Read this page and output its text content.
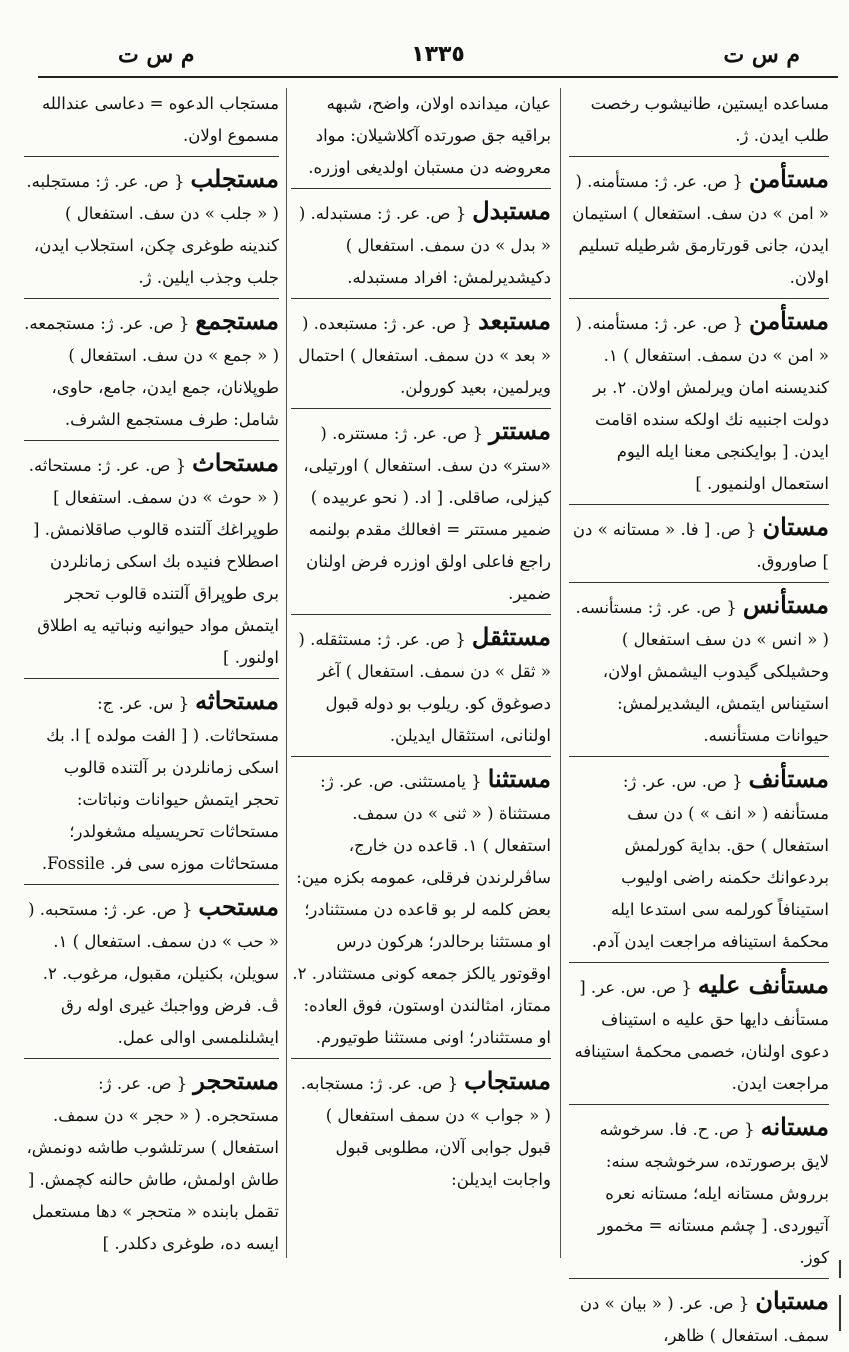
م س ت
١٣٣٥
م س ت

مساعده ایستین، طانیشوب رخصت طلب ایدن. ژ.

مستأمن{ ص. عر. ژ: مستأمنه. ( « امن » دن سف. استفعال ) استیمان ایدن، جانی قورتارمق شرطیله تسلیم اولان.

مستأمن{ ص. عر. ژ: مستأمنه. ( « امن » دن سمف. استفعال ) ١. کندیسنه امان ویرلمش اولان. ٢. بر دولت اجنبیه نك اولکه سنده اقامت ایدن. [ بوایکنجی معنا ایله الیوم استعمال اولنمیور. ]

مستان{ ص. [ فا. « مستانه » دن ] صاوروق.

مستأنس{ ص. عر. ژ: مستأنسه. ( « انس » دن سف استفعال ) وحشیلکی گیدوب الیشمش اولان، استیناس ایتمش، الیشدیرلمش: حیوانات مستأنسه.

مستأنف{ ص. س. عر. ژ: مستأنفه ( « انف » ) دن سف استفعال ) حق. بدایة کورلمش بردعوانك حکمنه راضی اولیوب استینافاً کورلمه سی استدعا ایله محکمهٔ استینافه مراجعت ایدن آدم.

مستأنف علیه{ ص. س. عر. [ مستأنف دایها حق علیه ه استیناف دعوی اولنان، خصمی محکمهٔ استینافه مراجعت ایدن.

مستانه{ ص. ح. فا. سرخوشه لایق برصورتده، سرخوشجه سنه: برروش مستانه ایله؛ مستانه نعره آتیوردی. [ چشم مستانه = مخمور کوز.

مستبان{ ص. عر. ( « بیان » دن سمف. استفعال ) ظاهر،

عیان، میدانده اولان، واضح، شبهه براقیه جق صورتده آکلاشیلان: مواد معروضه دن مستبان اولدیغی اوزره.

مستبدل{ ص. عر. ژ: مستبدله. ( « بدل » دن سمف. استفعال ) دکیشدیرلمش: افراد مستبدله.

مستبعد{ ص. عر. ژ: مستبعده. ( « بعد » دن سمف. استفعال ) احتمال ویرلمین، بعید کورولن.

مستتر{ ص. عر. ژ: مستتره. ( «ستر» دن سف. استفعال ) اورتیلی، کیزلی، صاقلی. [ اد. ( نحو عربیده ) ضمیر مستتر = افعالك مقدم بولنمه راجع فاعلی اولق اوزره فرض اولنان ضمیر.

مستثقل{ ص. عر. ژ: مستثقله. ( « ثقل » دن سمف. استفعال ) آغر دصوغوق کو. ریلوب بو دوله قبول اولنانی، استثقال ایدیلن.

مستثنا{ یامستثنی. ص. عر. ژ: مستثناة ( « ثنی » دن سمف. استفعال ) ١. قاعده دن خارج، ساڤرلرندن فرقلی، عمومه بکزه مین: بعض کلمه لر بو قاعده دن مستثنادر؛ او مستثنا برحالدر؛ هرکون درس اوقوتور یالکز جمعه کونی مستثنادر. ٢. ممتاز، امثالندن اوستون، فوق العاده: او مستثنادر؛ اونی مستثنا طوتیورم.

مستجاب{ ص. عر. ژ: مستجابه. ( « جواب » دن سمف استفعال ) قبول جوابی آلان، مطلوبی قبول واجابت ایدیلن:

مستجاب الدعوه = دعاسی عندالله مسموع اولان.

مستجلب{ ص. عر. ژ: مستجلبه. ( « جلب » دن سف. استفعال ) کندینه طوغری چکن، استجلاب ایدن، جلب وجذب ایلین. ژ.

مستجمع{ ص. عر. ژ: مستجمعه. ( « جمع » دن سف. استفعال ) طوپلانان، جمع ایدن، جامع، حاوی، شامل: طرف مستجمع الشرف.

مستحاث{ ص. عر. ژ: مستحاثه. ( « حوث » دن سمف. استفعال ] طوپراغك آلتنده قالوب صاقلانمش. [ اصطلاح فنیده بك اسکی زمانلردن بری طوپراق آلتنده قالوب تحجر ایتمش مواد حیوانیه ونباتیه یه اطلاق اولنور. ]

مستحاثه{ س. عر. ج: مستحاثات. ( [ الفت مولده ] ا. بك اسکی زمانلردن بر آلتنده قالوب تحجر ایتمش حیوانات ونباتات: مستحاثات تحریسیله مشغولدر؛ مستحاثات موزه سی فر. Fossile.

مستحب{ ص. عر. ژ: مستحبه. ( « حب » دن سمف. استفعال ) ١. سویلن، بکنیلن، مقبول، مرغوب. ٢. ڤ. فرض وواجبك غیری اوله رق ایشلنلمسی اوالی عمل.

مستحجر{ ص. عر. ژ: مستحجره. ( « حجر » دن سمف. استفعال ) سرتلشوب طاشه دونمش، طاش اولمش، طاش حالنه کچمش. [ تقمل بابنده « متحجر » دها مستعمل ایسه ده، طوغری دکلدر. ]
